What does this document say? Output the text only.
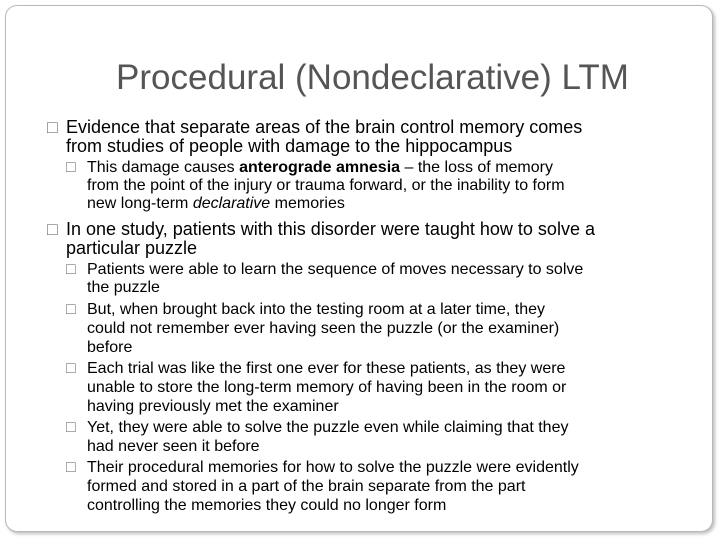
Procedural (Nondeclarative) LTM
□ Evidence that separate areas of the brain control memory comes
from studies of people with damage to the hippocampus
□ This damage causes anterograde amnesia – the loss of memory
from the point of the injury or trauma forward, or the inability to form
new long-term declarative memories
□ In one study, patients with this disorder were taught how to solve a
particular puzzle
□ Patients were able to learn the sequence of moves necessary to solve
the puzzle
□ But, when brought back into the testing room at a later time, they
could not remember ever having seen the puzzle (or the examiner)
before
□ Each trial was like the first one ever for these patients, as they were
unable to store the long-term memory of having been in the room or
having previously met the examiner
□ Yet, they were able to solve the puzzle even while claiming that they
had never seen it before
□ Their procedural memories for how to solve the puzzle were evidently
formed and stored in a part of the brain separate from the part
controlling the memories they could no longer form
